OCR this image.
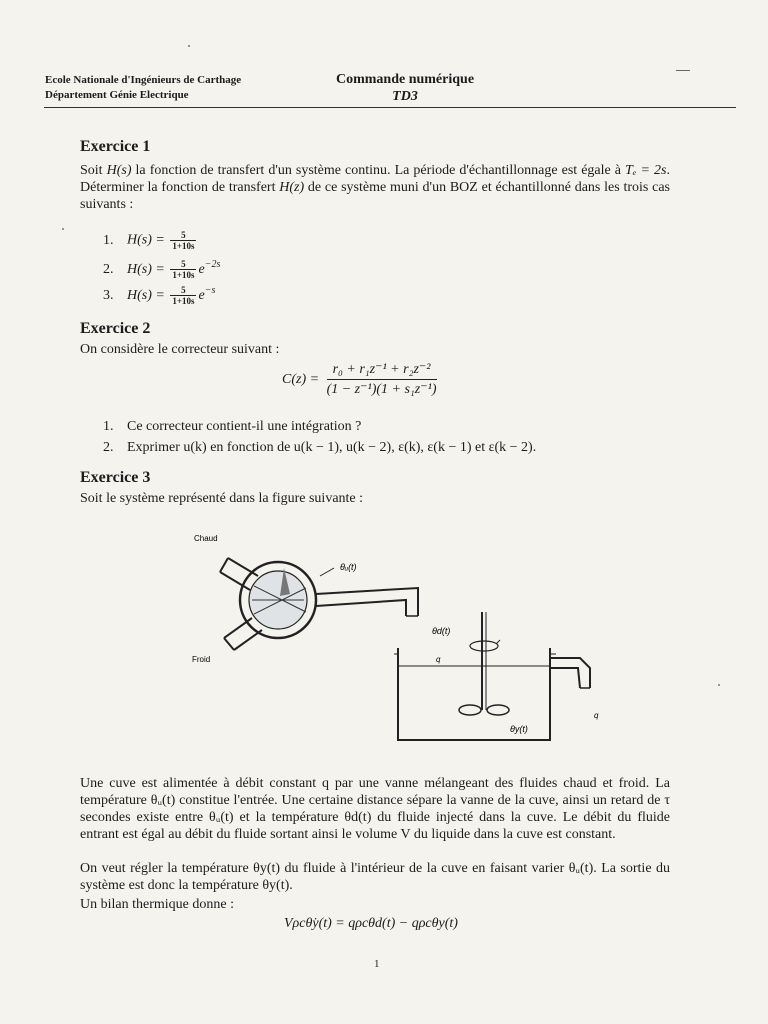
Ecole Nationale d'Ingénieurs de Carthage
Département Génie Electrique
Commande numérique
TD3
Exercice 1
Soit H(s) la fonction de transfert d'un système continu. La période d'échantillonnage est égale à Tₑ = 2s. Déterminer la fonction de transfert H(z) de ce système muni d'un BOZ et échantillonné dans les trois cas suivants :
1. $H(s) = \frac{5}{1+10s}$
2. $H(s) = \frac{5}{1+10s} e^{-2s}$
3. $H(s) = \frac{5}{1+10s} e^{-s}$
Exercice 2
On considère le correcteur suivant :
$C(z) = \frac{\text{r₀ + r₁z⁻¹ + r₂z⁻²}}{\text{(1 − z⁻¹)(1 + s₁z⁻¹)}}$
1. Ce correcteur contient-il une intégration ?
2. Exprimer u(k) en fonction de u(k − 1), u(k − 2), ε(k), ε(k − 1) et ε(k − 2).
Exercice 3
Soit le système représenté dans la figure suivante :
Chaud
Froid
θᵤ(t)
θd(t)
q
θy(t)
q
Une cuve est alimentée à débit constant q par une vanne mélangeant des fluides chaud et froid. La température θᵤ(t) constitue l'entrée. Une certaine distance sépare la vanne de la cuve, ainsi un retard de τ secondes existe entre θᵤ(t) et la température θd(t) du fluide injecté dans la cuve. Le débit du fluide entrant est égal au débit du fluide sortant ainsi le volume V du liquide dans la cuve est constant.
On veut régler la température θy(t) du fluide à l'intérieur de la cuve en faisant varier θᵤ(t). La sortie du système est donc la température θy(t).
Un bilan thermique donne :
Vρcθ̇y(t) = qρcθd(t) − qρcθy(t)
1
